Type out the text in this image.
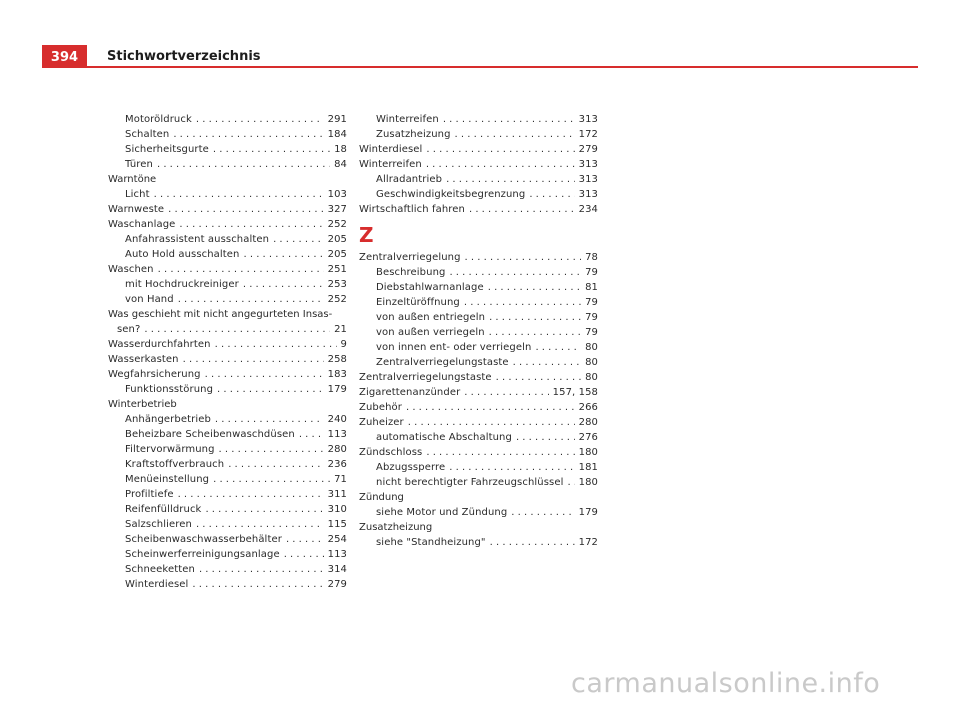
394	Stichwortverzeichnis
Motoröldruck . . .	291
Schalten . . .	184
Sicherheitsgurte . . .	18
Türen . . .	84
Warntöne
Licht . . .	103
Warnweste . . .	327
Waschanlage . . .	252
Anfahrassistent ausschalten . . .	205
Auto Hold ausschalten . . .	205
Waschen . . .	251
mit Hochdruckreiniger . . .	253
von Hand . . .	252
Was geschieht mit nicht angegurteten Insas-
sen? . . .	21
Wasserdurchfahrten . . .	9
Wasserkasten . . .	258
Wegfahrsicherung . . .	183
Funktionsstörung . . .	179
Winterbetrieb
Anhängerbetrieb . . .	240
Beheizbare Scheibenwaschdüsen . . .	113
Filtervorwärmung . . .	280
Kraftstoffverbrauch . . .	236
Menüeinstellung . . .	71
Profiltiefe . . .	311
Reifenfülldruck . . .	310
Salzschlieren . . .	115
Scheibenwaschwasserbehälter . . .	254
Scheinwerferreinigungsanlage . . .	113
Schneeketten . . .	314
Winterdiesel . . .	279
Winterreifen . . .	313
Zusatzheizung . . .	172
Winterdiesel . . .	279
Winterreifen . . .	313
Allradantrieb . . .	313
Geschwindigkeitsbegrenzung . . .	313
Wirtschaftlich fahren . . .	234
Z
Zentralverriegelung . . .	78
Beschreibung . . .	79
Diebstahlwarnanlage . . .	81
Einzeltüröffnung . . .	79
von außen entriegeln . . .	79
von außen verriegeln . . .	79
von innen ent- oder verriegeln . . .	80
Zentralverriegelungstaste . . .	80
Zentralverriegelungstaste . . .	80
Zigarettenanzünder . . .	157, 158
Zubehör . . .	266
Zuheizer . . .	280
automatische Abschaltung . . .	276
Zündschloss . . .	180
Abzugssperre . . .	181
nicht berechtigter Fahrzeugschlüssel . . . 180
Zündung
siehe Motor und Zündung . . .	179
Zusatzheizung
siehe "Standheizung" . . .	172
carmanualsonline.info
